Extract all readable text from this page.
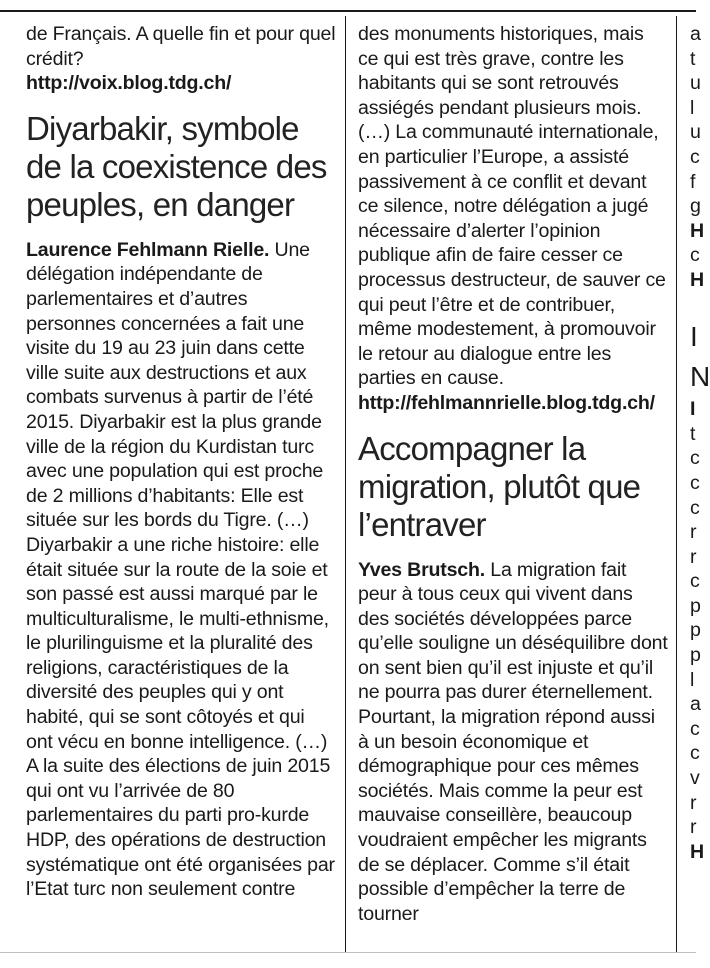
de Français. A quelle fin et pour quel crédit?
http://voix.blog.tdg.ch/

Diyarbakir, symbole de la coexistence des peuples, en danger

Laurence Fehlmann Rielle. Une délégation indépendante de parlementaires et d’autres personnes concernées a fait une visite du 19 au 23 juin dans cette ville suite aux destructions et aux combats survenus à partir de l’été 2015. Diyarbakir est la plus grande ville de la région du Kurdistan turc avec une population qui est proche de 2 millions d’habitants: Elle est située sur les bords du Tigre. (…) Diyarbakir a une riche histoire: elle était située sur la route de la soie et son passé est aussi marqué par le multiculturalisme, le multi-ethnisme, le plurilinguisme et la pluralité des religions, caractéristiques de la diversité des peuples qui y ont habité, qui se sont côtoyés et qui ont vécu en bonne intelligence. (…) A la suite des élections de juin 2015 qui ont vu l’arrivée de 80 parlementaires du parti pro-kurde HDP, des opérations de destruction systématique ont été organisées par l’Etat turc non seulement contre

des monuments historiques, mais ce qui est très grave, contre les habitants qui se sont retrouvés assiégés pendant plusieurs mois. (…) La communauté internationale, en particulier l’Europe, a assisté passivement à ce conflit et devant ce silence, notre délégation a jugé nécessaire d’alerter l’opinion publique afin de faire cesser ce processus destructeur, de sauver ce qui peut l’être et de contribuer, même modestement, à promouvoir le retour au dialogue entre les parties en cause.
http://fehlmannrielle.blog.tdg.ch/

Accompagner la migration, plutôt que l’entraver

Yves Brutsch. La migration fait peur à tous ceux qui vivent dans des sociétés développées parce qu’elle souligne un déséquilibre dont on sent bien qu’il est injuste et qu’il ne pourra pas durer éternellement. Pourtant, la migration répond aussi à un besoin économique et démographique pour ces mêmes sociétés. Mais comme la peur est mauvaise conseillère, beaucoup voudraient empêcher les migrants de se déplacer. Comme s’il était possible d’empêcher la terre de tourner

a
t
u
l
u
c
f
g
H
c
H

I
N
I
t
c
c
c
r
r
c
p
p
p
l
a
c
c
v
r
r
H
